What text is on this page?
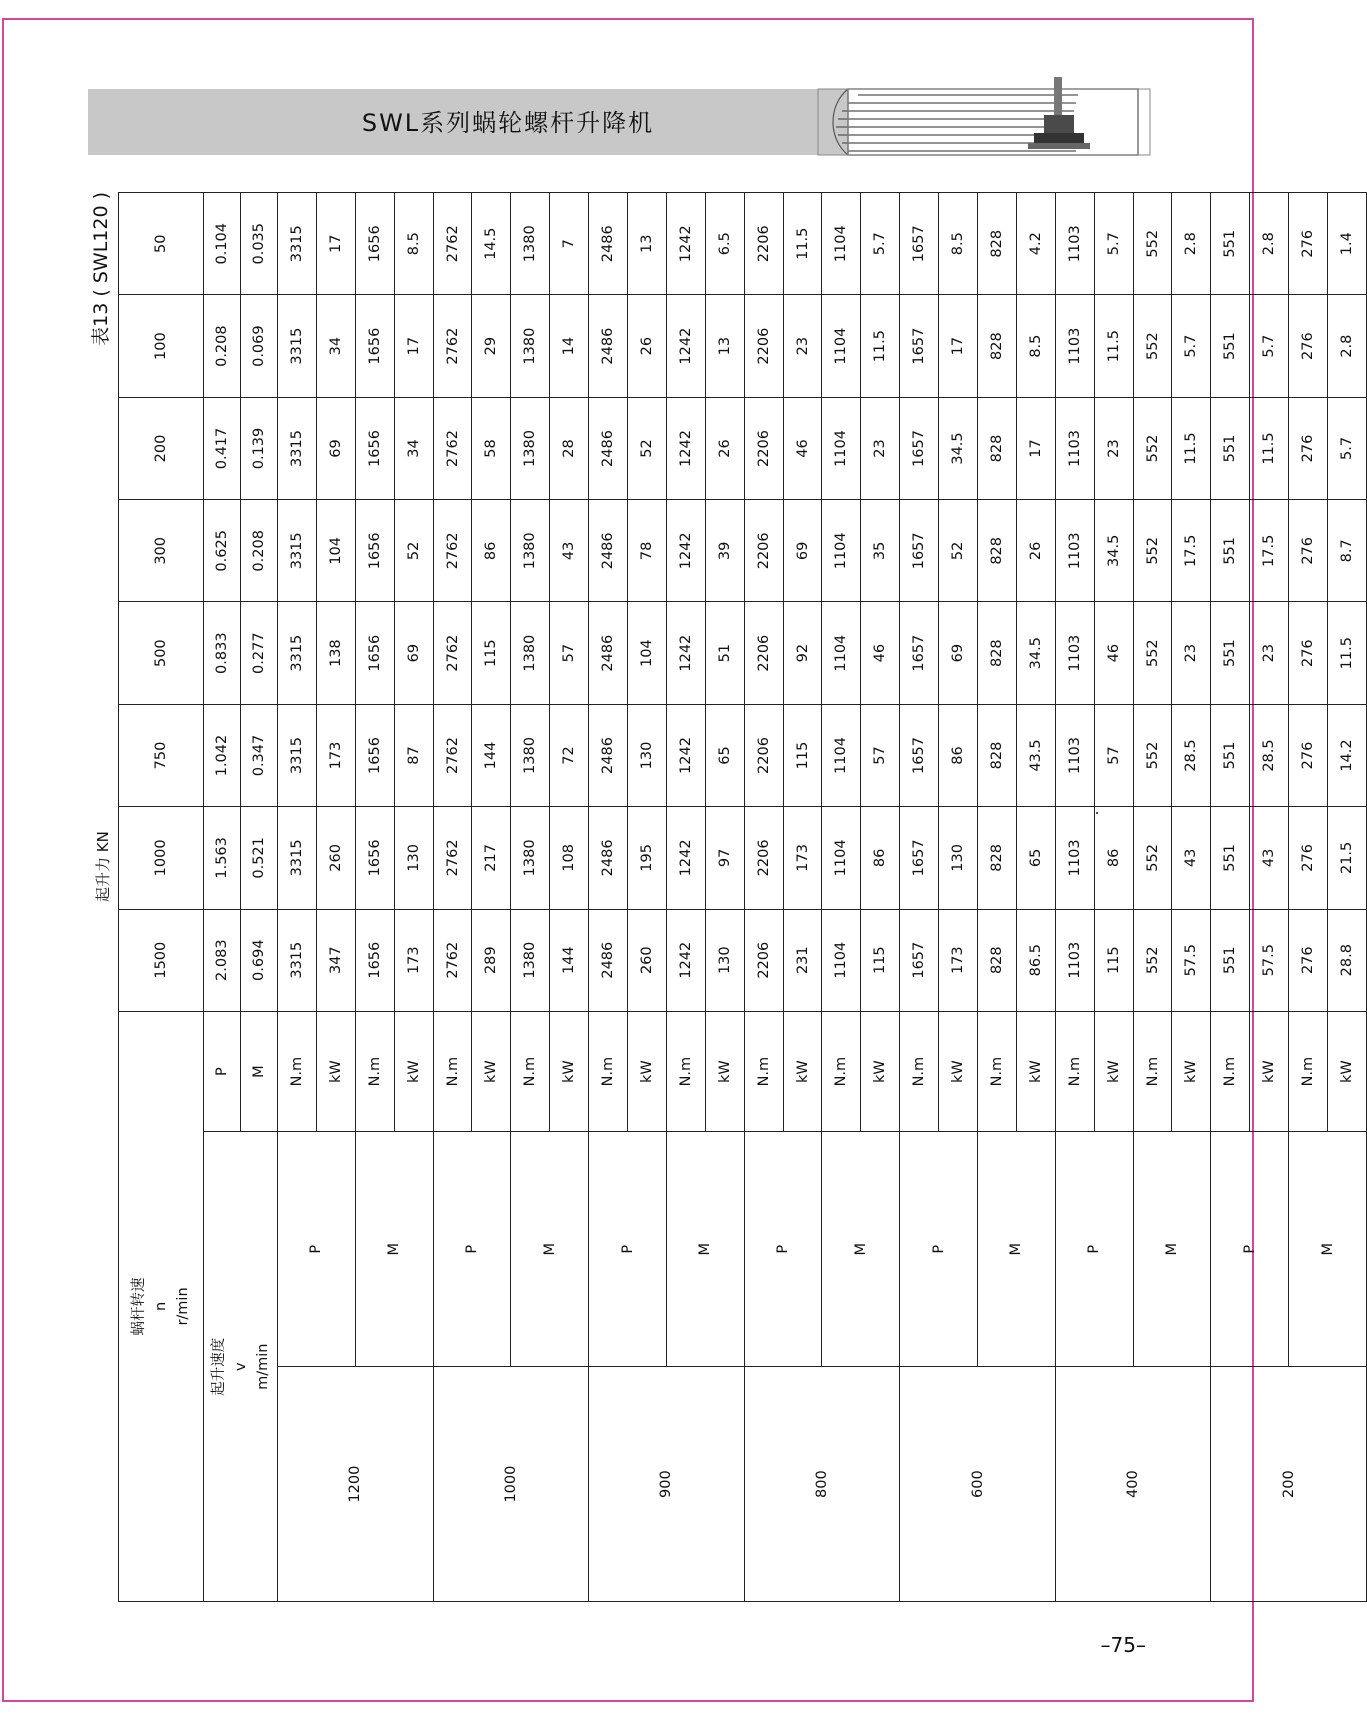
SWL系列蜗轮螺杆升降机
表13 ( SWL120 )
蜗杆转速 n r/min			1500	1000	750	500	300	200	100	50

起升速度 v m/min		P	2.083	1.563	1.042	0.833	0.625	0.417	0.208	0.104
		M	0.694	0.521	0.347	0.277	0.208	0.139	0.069	0.035
1200	P	N.m	3315	3315	3315	3315	3315	3315	3315	3315
		kW	347	260	173	138	104	69	34	17
	M	N.m	1656	1656	1656	1656	1656	1656	1656	1656
		kW	173	130	87	69	52	34	17	8.5
1000	P	N.m	2762	2762	2762	2762	2762	2762	2762	2762
		kW	289	217	144	115	86	58	29	14.5
	M	N.m	1380	1380	1380	1380	1380	1380	1380	1380
		kW	144	108	72	57	43	28	14	7
900	P	N.m	2486	2486	2486	2486	2486	2486	2486	2486
		kW	260	195	130	104	78	52	26	13
	M	N.m	1242	1242	1242	1242	1242	1242	1242	1242
		kW	130	97	65	51	39	26	13	6.5
800	P	N.m	2206	2206	2206	2206	2206	2206	2206	2206
		kW	231	173	115	92	69	46	23	11.5
	M	N.m	1104	1104	1104	1104	1104	1104	1104	1104
		kW	115	86	57	46	35	23	11.5	5.7
600	P	N.m	1657	1657	1657	1657	1657	1657	1657	1657
		kW	173	130	86	69	52	34.5	17	8.5
	M	N.m	828	828	828	828	828	828	828	828
		kW	86.5	65	43.5	34.5	26	17	8.5	4.2
400	P	N.m	1103	1103	1103	1103	1103	1103	1103	1103
		kW	115	86	57	46	34.5	23	11.5	5.7
	M	N.m	552	552	552	552	552	552	552	552
		kW	57.5	43	28.5	23	17.5	11.5	5.7	2.8
200	P	N.m	551	551	551	551	551	551	551	551
		kW	57.5	43	28.5	23	17.5	11.5	5.7	2.8
	M	N.m	276	276	276	276	276	276	276	276
		kW	28.8	21.5	14.2	11.5	8.7	5.7	2.8	1.4
起升力 KN
–75–
